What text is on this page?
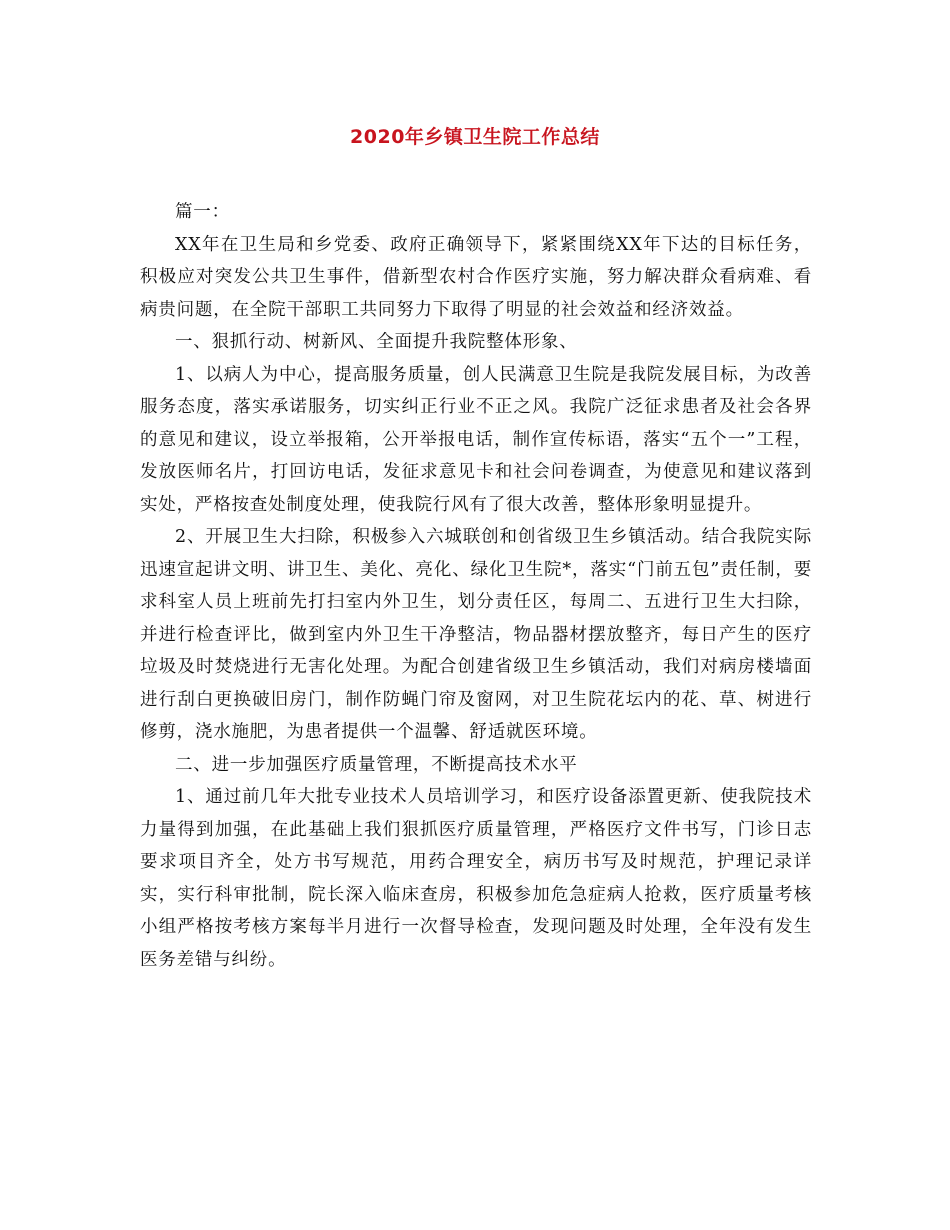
2020年乡镇卫生院工作总结

篇一：

XX年在卫生局和乡党委、政府正确领导下，紧紧围绕XX年下达的目标任务，积极应对突发公共卫生事件，借新型农村合作医疗实施，努力解决群众看病难、看病贵问题，在全院干部职工共同努力下取得了明显的社会效益和经济效益。

一、狠抓行动、树新风、全面提升我院整体形象、

1、以病人为中心，提高服务质量，创人民满意卫生院是我院发展目标，为改善服务态度，落实承诺服务，切实纠正行业不正之风。我院广泛征求患者及社会各界的意见和建议，设立举报箱，公开举报电话，制作宣传标语，落实“五个一”工程，发放医师名片，打回访电话，发征求意见卡和社会问卷调查，为使意见和建议落到实处，严格按查处制度处理，使我院行风有了很大改善，整体形象明显提升。

2、开展卫生大扫除，积极参入六城联创和创省级卫生乡镇活动。结合我院实际迅速宣起讲文明、讲卫生、美化、亮化、绿化卫生院*，落实“门前五包”责任制，要求科室人员上班前先打扫室内外卫生，划分责任区，每周二、五进行卫生大扫除，并进行检查评比，做到室内外卫生干净整洁，物品器材摆放整齐，每日产生的医疗垃圾及时焚烧进行无害化处理。为配合创建省级卫生乡镇活动，我们对病房楼墙面进行刮白更换破旧房门，制作防蝇门帘及窗网，对卫生院花坛内的花、草、树进行修剪，浇水施肥，为患者提供一个温馨、舒适就医环境。

二、进一步加强医疗质量管理，不断提高技术水平

1、通过前几年大批专业技术人员培训学习，和医疗设备添置更新、使我院技术力量得到加强，在此基础上我们狠抓医疗质量管理，严格医疗文件书写，门诊日志要求项目齐全，处方书写规范，用药合理安全，病历书写及时规范，护理记录详实，实行科审批制，院长深入临床查房，积极参加危急症病人抢救，医疗质量考核小组严格按考核方案每半月进行一次督导检查，发现问题及时处理，全年没有发生医务差错与纠纷。
